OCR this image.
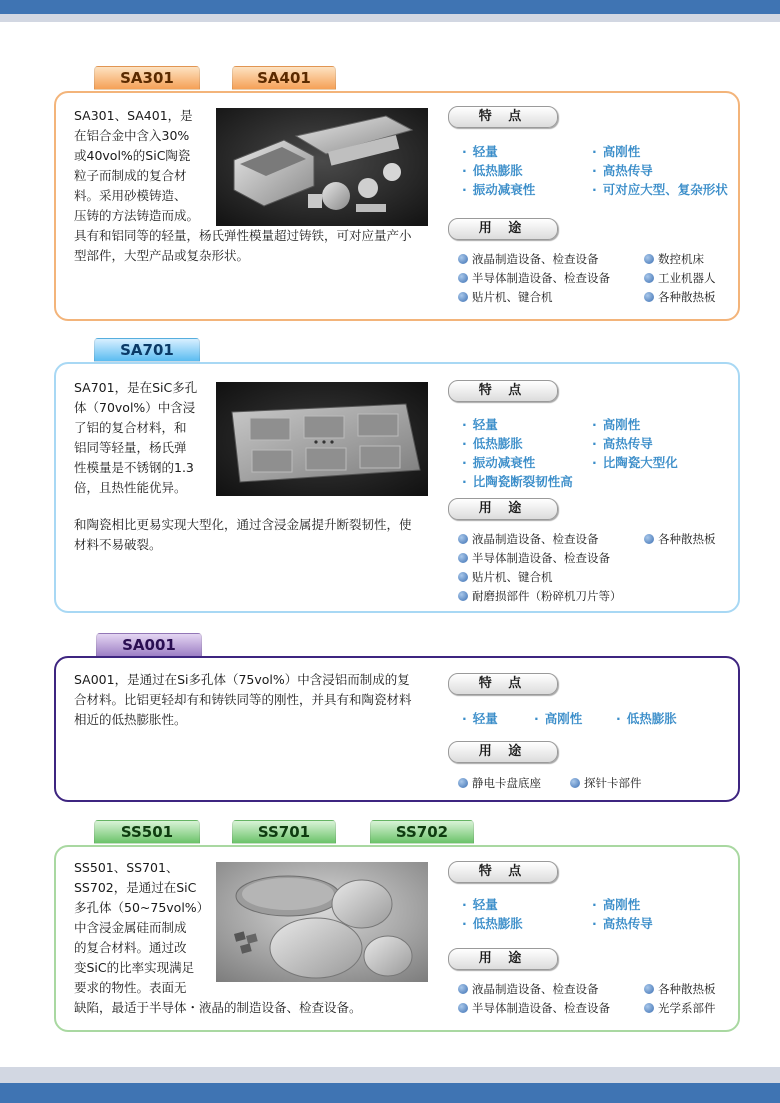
SA301	SA401
SA301、SA401，是
在铝合金中含入30%
或40vol%的SiC陶瓷
粒子而制成的复合材
料。采用砂模铸造、
压铸的方法铸造而成。
具有和铝同等的轻量，杨氏弹性模量超过铸铁，可对应量产小
型部件，大型产品或复杂形状。
特 点
· 轻量	· 高刚性
· 低热膨胀	· 高热传导
· 振动减衰性	· 可对应大型、复杂形状
用 途
液晶制造设备、检查设备	数控机床
半导体制造设备、检查设备	工业机器人
贴片机、键合机	各种散热板
SA701
SA701，是在SiC多孔
体（70vol%）中含浸
了铝的复合材料，和
铝同等轻量，杨氏弹
性模量是不锈钢的1.3
倍，且热性能优异。
和陶瓷相比更易实现大型化，通过含浸金属提升断裂韧性，使
材料不易破裂。
特 点
· 轻量	· 高刚性
· 低热膨胀	· 高热传导
· 振动减衰性	· 比陶瓷大型化
· 比陶瓷断裂韧性高
用 途
液晶制造设备、检查设备	各种散热板
半导体制造设备、检查设备
贴片机、键合机
耐磨损部件（粉碎机刀片等）
SA001
SA001，是通过在Si多孔体（75vol%）中含浸铝而制成的复
合材料。比铝更轻却有和铸铁同等的刚性，并具有和陶瓷材料
相近的低热膨胀性。
特 点
· 轻量	· 高刚性	· 低热膨胀
用 途
静电卡盘底座	探针卡部件
SS501	SS701	SS702
SS501、SS701、
SS702，是通过在SiC
多孔体（50~75vol%）
中含浸金属硅而制成
的复合材料。通过改
变SiC的比率实现满足
要求的物性。表面无
缺陷，最适于半导体・液晶的制造设备、检查设备。
特 点
· 轻量	· 高刚性
· 低热膨胀	· 高热传导
用 途
液晶制造设备、检查设备	各种散热板
半导体制造设备、检查设备	光学系部件
